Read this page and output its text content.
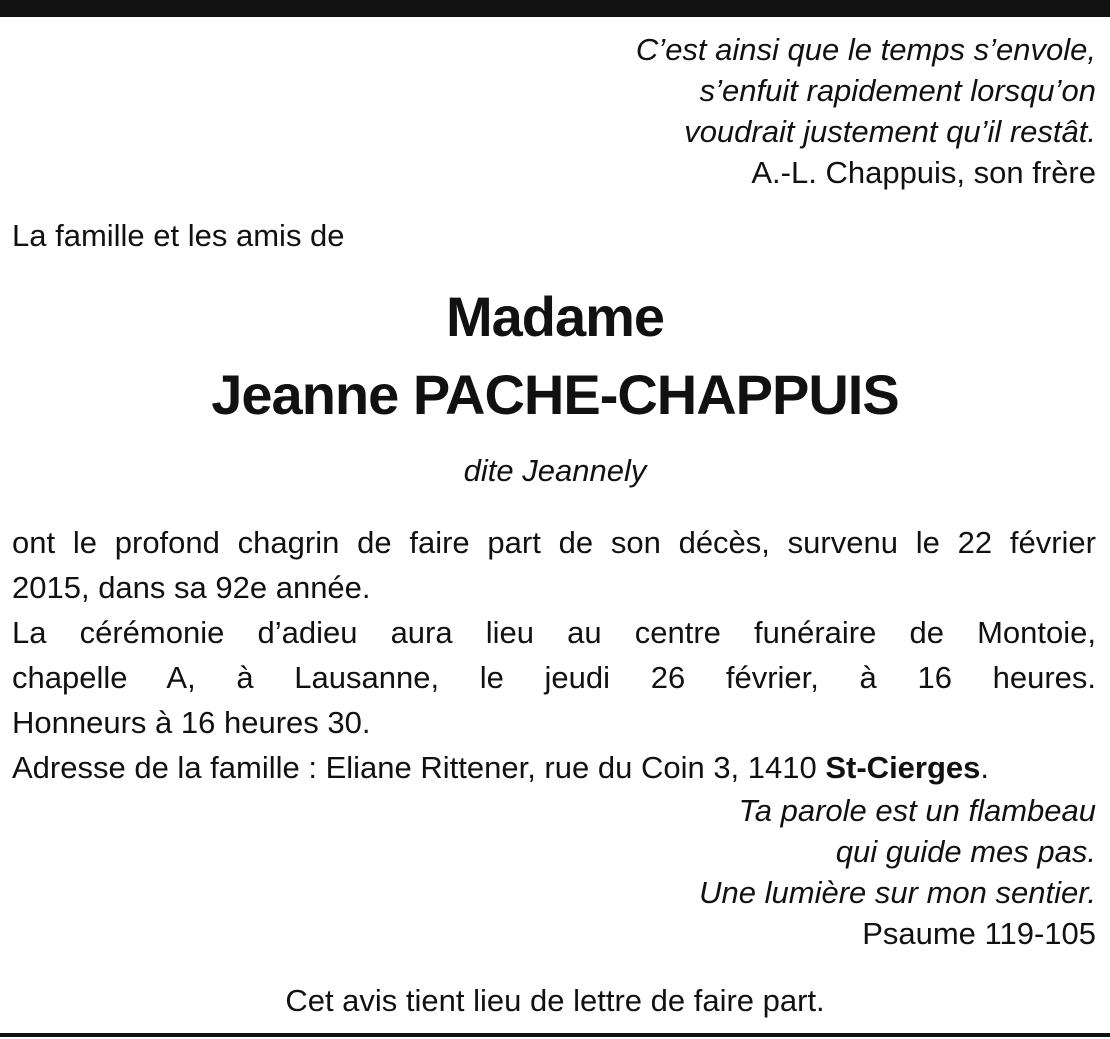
C’est ainsi que le temps s’envole,
s’enfuit rapidement lorsqu’on
voudrait justement qu’il restât.
A.-L. Chappuis, son frère
La famille et les amis de
Madame
Jeanne PACHE-CHAPPUIS
dite Jeannely
ont le profond chagrin de faire part de son décès, survenu le 22 février
2015, dans sa 92e année.
La cérémonie d’adieu aura lieu au centre funéraire de Montoie,
chapelle A, à Lausanne, le jeudi 26 février, à 16 heures.
Honneurs à 16 heures 30.
Adresse de la famille : Eliane Rittener, rue du Coin 3, 1410 St-Cierges.
Ta parole est un flambeau
qui guide mes pas.
Une lumière sur mon sentier.
Psaume 119-105
Cet avis tient lieu de lettre de faire part.
